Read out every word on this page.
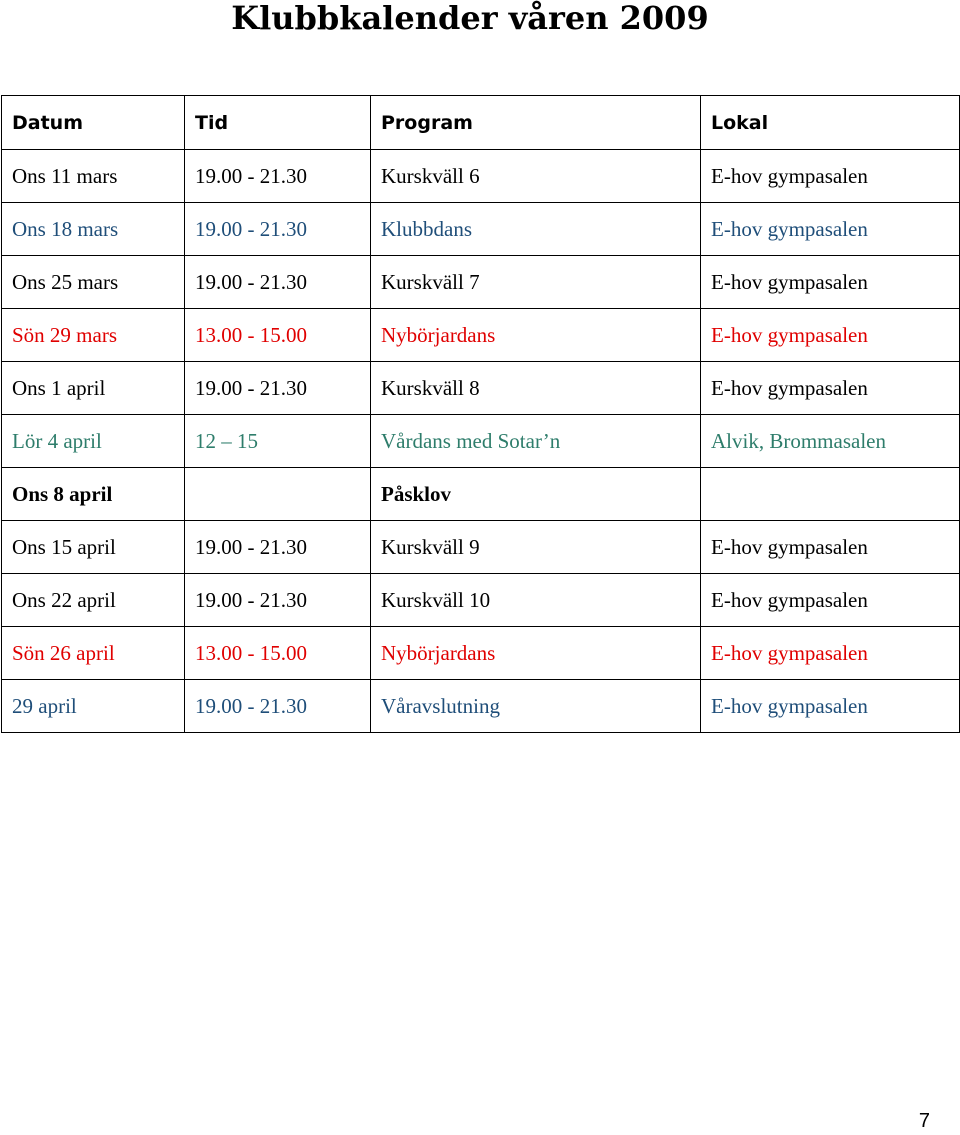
Klubbkalender våren 2009
Datum	Tid	Program	Lokal
Ons 11 mars	19.00 - 21.30	Kurskväll 6	E-hov gympasalen
Ons 18 mars	19.00 - 21.30	Klubbdans	E-hov gympasalen
Ons 25 mars	19.00 - 21.30	Kurskväll 7	E-hov gympasalen
Sön 29 mars	13.00 - 15.00	Nybörjardans	E-hov gympasalen
Ons 1 april	19.00 - 21.30	Kurskväll 8	E-hov gympasalen
Lör 4 april	12 – 15	Vårdans med Sotar’n	Alvik, Brommasalen
Ons 8 april		Påsklov	
Ons 15 april	19.00 - 21.30	Kurskväll 9	E-hov gympasalen
Ons 22 april	19.00 - 21.30	Kurskväll 10	E-hov gympasalen
Sön 26 april	13.00 - 15.00	Nybörjardans	E-hov gympasalen
29 april	19.00 - 21.30	Våravslutning	E-hov gympasalen
7
